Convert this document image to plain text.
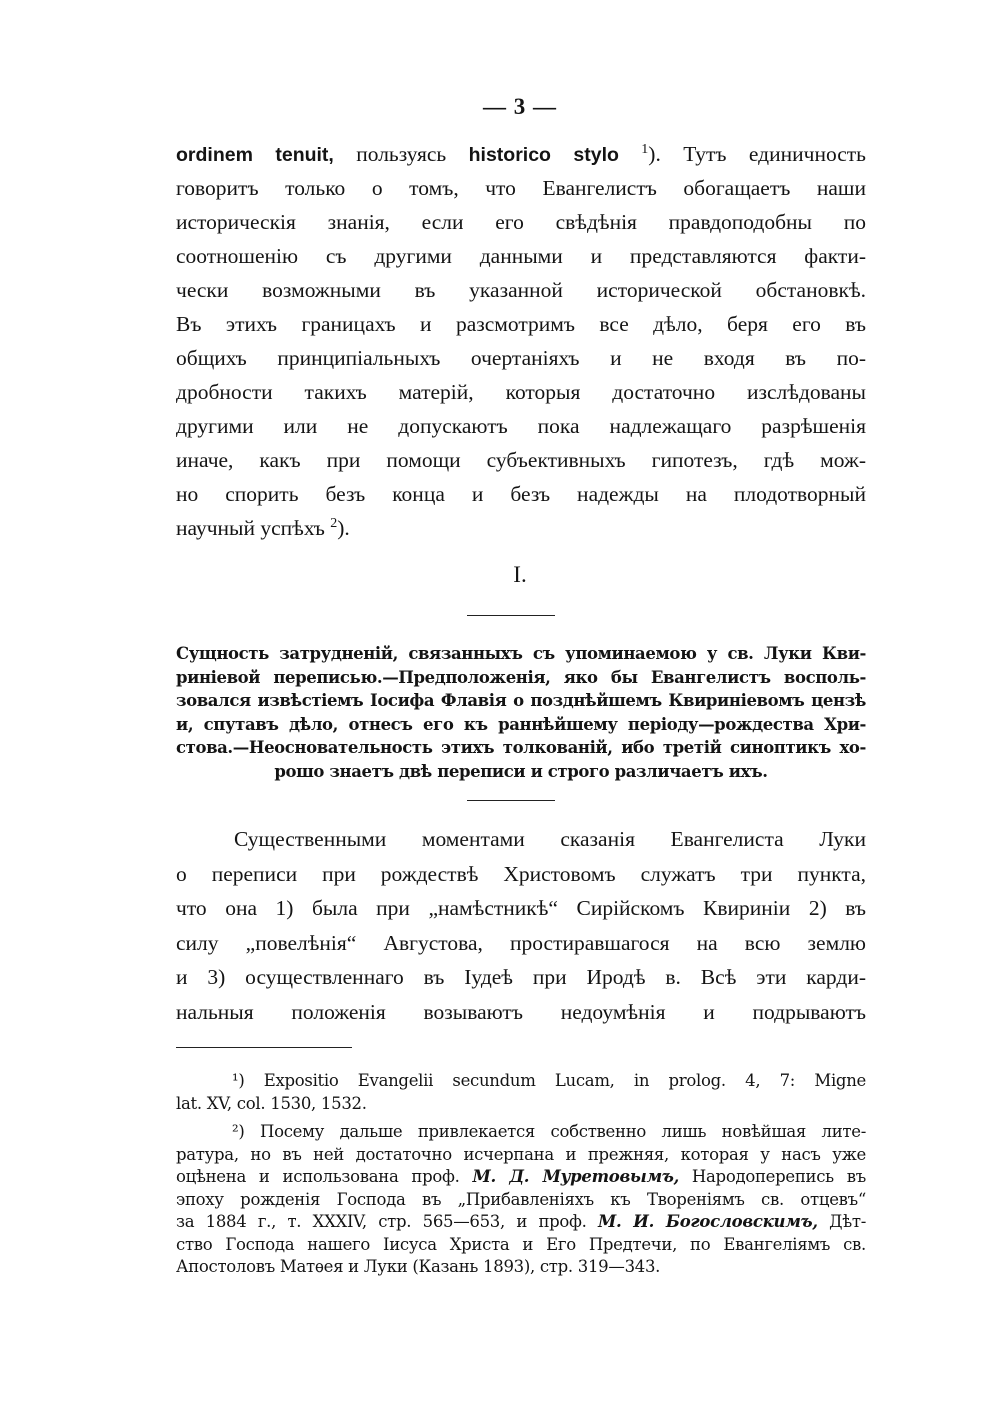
— 3 —
ordinem tenuit, пользуясь historico stylo $^1$). Тутъ единичность
говоритъ только о томъ, что Евангелистъ обогащаетъ наши
историческія знанія, если его свѣдѣнія правдоподобны по
соотношенію съ другими данными и представляются факти-
чески возможными въ указанной исторической обстановкѣ.
Въ этихъ границахъ и разсмотримъ все дѣло, беря его въ
общихъ принципіальныхъ очертаніяхъ и не входя въ по-
дробности такихъ матерій, которыя достаточно изслѣдованы
другими или не допускаютъ пока надлежащаго разрѣшенія
иначе, какъ при помощи субъективныхъ гипотезъ, гдѣ мож-
но спорить безъ конца и безъ надежды на плодотворный
научный успѣхъ $^2$).
I.
Сущность затрудненій, связанныхъ съ упоминаемою у св. Луки Кви-
риніевой переписью.—Предположенія, яко бы Евангелистъ восполь-
зовался извѣстіемъ Іосифа Флавія о позднѣйшемъ Квириніевомъ цензѣ
и, спутавъ дѣло, отнесъ его къ раннѣйшему періоду—рождества Хри-
стова.—Неосновательность этихъ толкованій, ибо третій синоптикъ хо-
рошо знаетъ двѣ переписи и строго различаетъ ихъ.
Существенными моментами сказанія Евангелиста Луки
о переписи при рождествѣ Христовомъ служатъ три пункта,
что она 1) была при „намѣстникѣ“ Сирійскомъ Квириніи 2) въ
силу „повелѣнія“ Августова, простиравшагося на всю землю
и 3) осуществленнаго въ Іудеѣ при Иродѣ в. Всѣ эти карди-
нальныя положенія возываютъ недоумѣнія и подрываютъ
¹) Expositio Evangelii secundum Lucam, in prolog. 4, 7: Migne
lat. XV, col. 1530, 1532.
²) Посему дальше привлекается собственно лишь новѣйшая лите-
ратура, но въ ней достаточно исчерпана и прежняя, которая у насъ уже
оцѣнена и использована проф. М. Д. Муретовымъ, Народоперепись въ
эпоху рожденія Господа въ „Прибавленіяхъ къ Твореніямъ св. отцевъ“
за 1884 г., т. XXXIV, стр. 565—653, и проф. М. И. Богословскимъ, Дѣт-
ство Господа нашего Іисуса Христа и Его Предтечи, по Евангеліямъ св.
Апостоловъ Матѳея и Луки (Казань 1893), стр. 319—343.
